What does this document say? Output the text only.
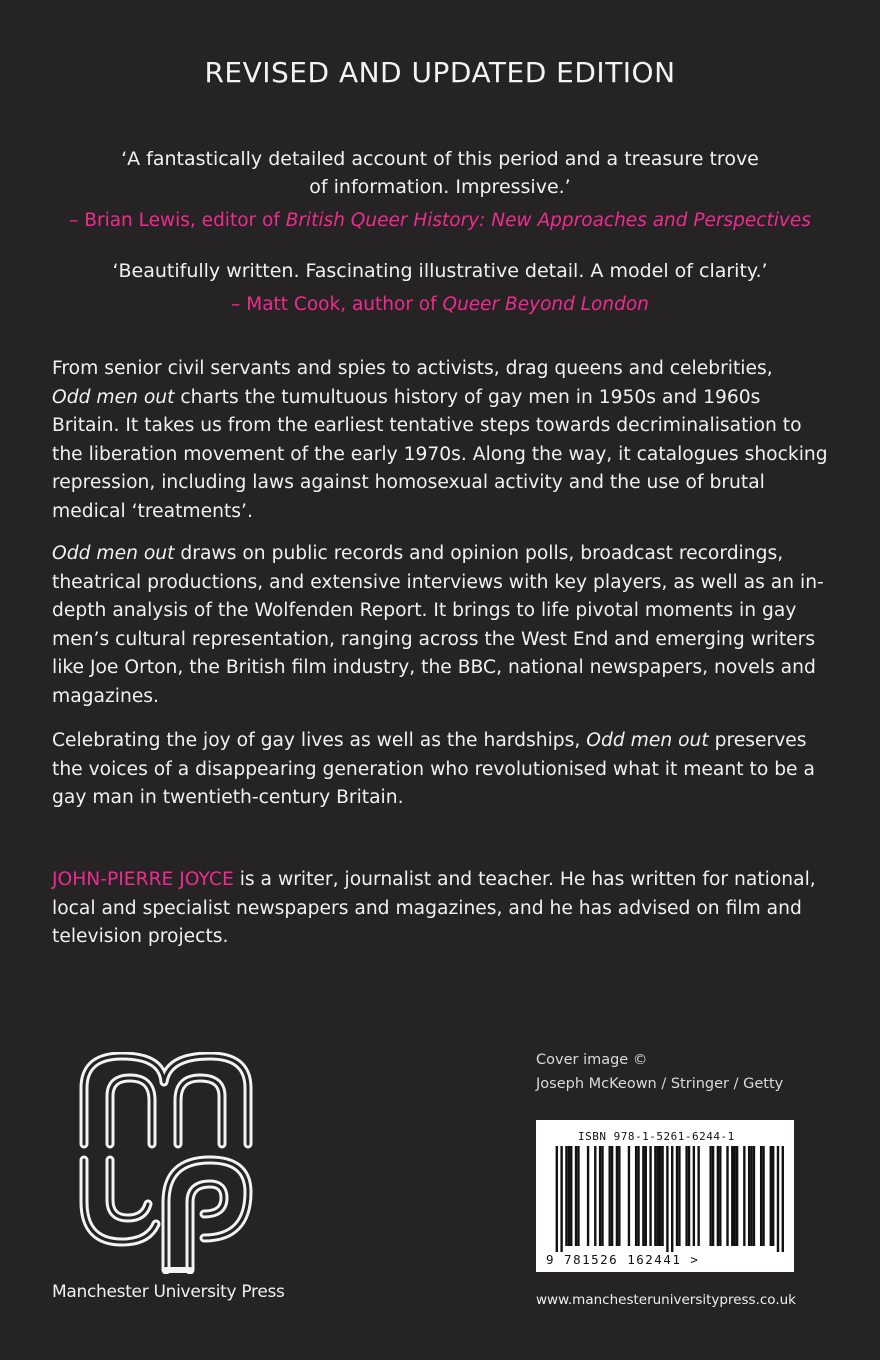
REVISED AND UPDATED EDITION
‘A fantastically detailed account of this period and a treasure trove
of information. Impressive.’
– Brian Lewis, editor of British Queer History: New Approaches and Perspectives
‘Beautifully written. Fascinating illustrative detail. A model of clarity.’
– Matt Cook, author of Queer Beyond London
From senior civil servants and spies to activists, drag queens and celebrities,
Odd men out charts the tumultuous history of gay men in 1950s and 1960s Britain. It takes us from the earliest tentative steps towards decriminalisation to the liberation movement of the early 1970s. Along the way, it catalogues shocking repression, including laws against homosexual activity and the use of brutal medical ‘treatments’.
Odd men out draws on public records and opinion polls, broadcast recordings, theatrical productions, and extensive interviews with key players, as well as an in-depth analysis of the Wolfenden Report. It brings to life pivotal moments in gay men’s cultural representation, ranging across the West End and emerging writers like Joe Orton, the British film industry, the BBC, national newspapers, novels and magazines.
Celebrating the joy of gay lives as well as the hardships, Odd men out preserves the voices of a disappearing generation who revolutionised what it meant to be a gay man in twentieth-century Britain.
JOHN-PIERRE JOYCE is a writer, journalist and teacher. He has written for national, local and specialist newspapers and magazines, and he has advised on film and television projects.
Manchester University Press
Cover image ©
Joseph McKeown / Stringer / Getty
ISBN 978-1-5261-6244-1
9 781526 162441 >
www.manchesteruniversitypress.co.uk
